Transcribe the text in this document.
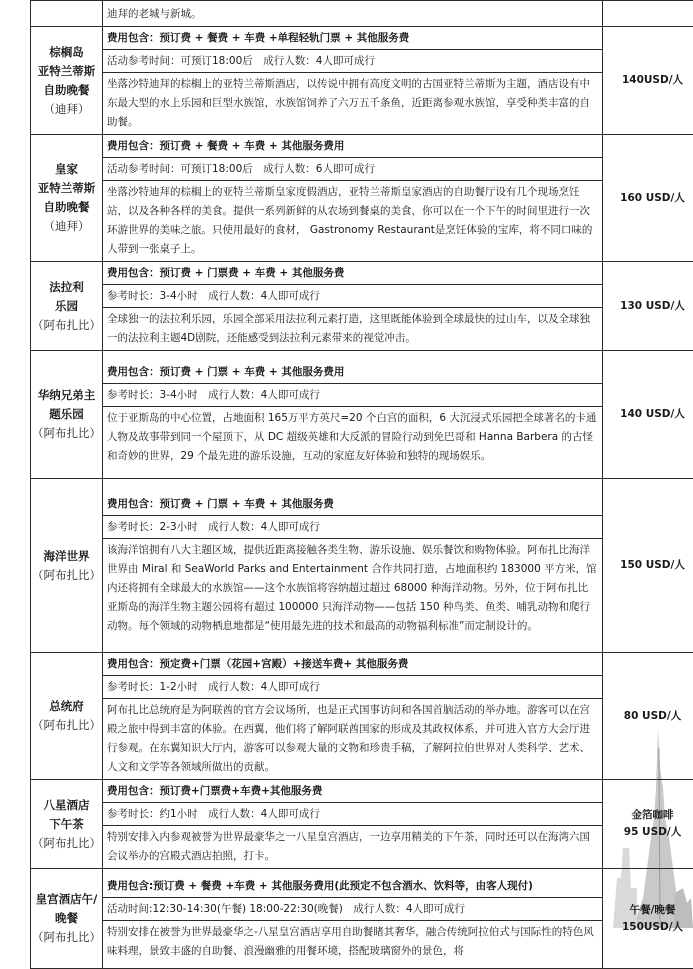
	迪拜的老城与新城。	

棕榈岛
亚特兰蒂斯
自助晚餐
（迪拜）

费用包含：预订费 + 餐费 + 车费 +单程轻轨门票 + 其他服务费
活动参考时间：可预订18:00后　成行人数：4人即可成行
坐落沙特迪拜的棕榈上的亚特兰蒂斯酒店，以传说中拥有高度文明的古国亚特兰蒂斯为主题，酒店设有中东最大型的水上乐园和巨型水族馆，水族馆饲养了六万五千条鱼，近距离参观水族馆，享受种类丰富的自助餐。

140USD/人

皇家
亚特兰蒂斯
自助晚餐
（迪拜）

费用包含：预订费 + 餐费 + 车费 + 其他服务费用
活动参考时间：可预订18:00后　成行人数：6人即可成行
坐落沙特迪拜的棕榈上的亚特兰蒂斯皇家度假酒店，亚特兰蒂斯皇家酒店的自助餐厅设有几个现场烹饪站，以及各种各样的美食。提供一系列新鲜的从农场到餐桌的美食，你可以在一个下午的时间里进行一次环游世界的美味之旅。只使用最好的食材， Gastronomy Restaurant是烹饪体验的宝库，将不同口味的人带到一张桌子上。

160 USD/人

法拉利
乐园
（阿布扎比）

费用包含：预订费 + 门票费 + 车费 + 其他服务费
参考时长：3-4小时　成行人数：4人即可成行
全球独一的法拉利乐园，乐园全部采用法拉利元素打造，这里既能体验到全球最快的过山车，以及全球独一的法拉利主题4D剧院，还能感受到法拉利元素带来的视觉冲击。

130 USD/人

华纳兄弟主
题乐园
（阿布扎比）

费用包含：预订费 + 门票 + 车费 + 其他服务费用
参考时长：3-4小时　成行人数：4人即可成行
位于亚斯岛的中心位置，占地面积 165万平方英尺=20 个白宫的面积，6 大沉浸式乐园把全球著名的卡通人物及故事带到同一个屋顶下，从 DC 超级英雄和大反派的冒险行动到免巴哥和 Hanna Barbera 的古怪和奇妙的世界，29 个最先进的游乐设施，互动的家庭友好体验和独特的现场娱乐。

140 USD/人

海洋世界
（阿布扎比）

费用包含：预订费 + 门票 + 车费 + 其他服务费
参考时长：2-3小时　成行人数：4人即可成行
该海洋馆拥有八大主题区域，提供近距离接触各类生物、游乐设施、娱乐餐饮和购物体验。阿布扎比海洋世界由 Miral 和 SeaWorld Parks and Entertainment 合作共同打造，占地面积约 183000 平方米，馆内还将拥有全球最大的水族馆——这个水族馆将容纳超过超过 68000 种海洋动物。另外，位于阿布扎比亚斯岛的海洋生物主题公园将有超过 100000 只海洋动物——包括 150 种鸟类、鱼类、哺乳动物和爬行动物。每个领域的动物栖息地都是“使用最先进的技术和最高的动物福利标准”而定制设计的。

150 USD/人

总统府
（阿布扎比）

费用包含：预定费+门票（花园+宫殿）+接送车费+ 其他服务费
参考时长：1-2小时　成行人数：4人即可成行
阿布扎比总统府是为阿联酋的官方会议场所，也是正式国事访问和各国首脑活动的举办地。游客可以在宫殿之旅中得到丰富的体验。在西翼，他们将了解阿联酋国家的形成及其政权体系，并可进入官方大会厅进行参观。在东翼知识大厅内，游客可以参观大量的文物和珍贵手稿，了解阿拉伯世界对人类科学、艺术、人文和文学等各领域所做出的贡献。

80 USD/人

八星酒店
下午茶
（阿布扎比）

费用包含：预订费+门票费+车费+其他服务费
参考时长：约1小时　成行人数：4人即可成行
特别安排入内参观被誉为世界最豪华之一八星皇宫酒店，一边享用精美的下午茶，同时还可以在海湾六国会议举办的宫殿式酒店拍照，打卡。

金箔咖啡
95 USD/人

皇宫酒店午/
晚餐
（阿布扎比）

费用包含:预订费 + 餐费 +车费 + 其他服务费用(此预定不包含酒水、饮料等，由客人现付)
活动时间:12:30-14:30(午餐) 18:00-22:30(晚餐)　成行人数：4人即可成行
特别安排在被誉为世界最豪华之-八星皇宫酒店享用自助餐睹其奢华，融合传统阿拉伯式与国际性的特色风味料理，景致丰盛的自助餐、浪漫幽雅的用餐环境，搭配玻璃窗外的景色，将

午餐/晚餐
150USD/人
